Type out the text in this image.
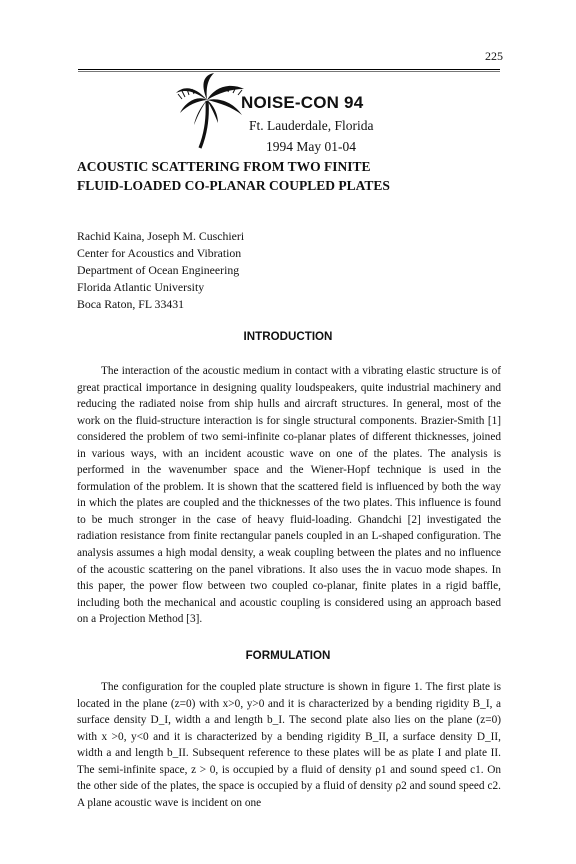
225
NOISE-CON 94
Ft. Lauderdale, Florida
1994 May 01-04
ACOUSTIC SCATTERING FROM TWO FINITE
FLUID-LOADED CO-PLANAR COUPLED PLATES
Rachid Kaina, Joseph M. Cuschieri
Center for Acoustics and Vibration
Department of Ocean Engineering
Florida Atlantic University
Boca Raton, FL 33431
INTRODUCTION

The interaction of the acoustic medium in contact with a vibrating elastic structure is of great practical importance in designing quality loudspeakers, quite industrial machinery and reducing the radiated noise from ship hulls and aircraft structures. In general, most of the work on the fluid-structure interaction is for single structural components. Brazier-Smith [1] considered the problem of two semi-infinite co-planar plates of different thicknesses, joined in various ways, with an incident acoustic wave on one of the plates. The analysis is performed in the wavenumber space and the Wiener-Hopf technique is used in the formulation of the problem. It is shown that the scattered field is influenced by both the way in which the plates are coupled and the thicknesses of the two plates. This influence is found to be much stronger in the case of heavy fluid-loading. Ghandchi [2] investigated the radiation resistance from finite rectangular panels coupled in an L-shaped configuration. The analysis assumes a high modal density, a weak coupling between the plates and no influence of the acoustic scattering on the panel vibrations. It also uses the in vacuo mode shapes. In this paper, the power flow between two coupled co-planar, finite plates in a rigid baffle, including both the mechanical and acoustic coupling is considered using an approach based on a Projection Method [3].

FORMULATION

The configuration for the coupled plate structure is shown in figure 1. The first plate is located in the plane (z=0) with x>0, y>0 and it is characterized by a bending rigidity B_I, a surface density D_I, width a and length b_I. The second plate also lies on the plane (z=0) with x >0, y<0 and it is characterized by a bending rigidity B_II, a surface density D_II, width a and length b_II. Subsequent reference to these plates will be as plate I and plate II. The semi-infinite space, z > 0, is occupied by a fluid of density ρ1 and sound speed c1. On the other side of the plates, the space is occupied by a fluid of density ρ2 and sound speed c2. A plane acoustic wave is incident on one
